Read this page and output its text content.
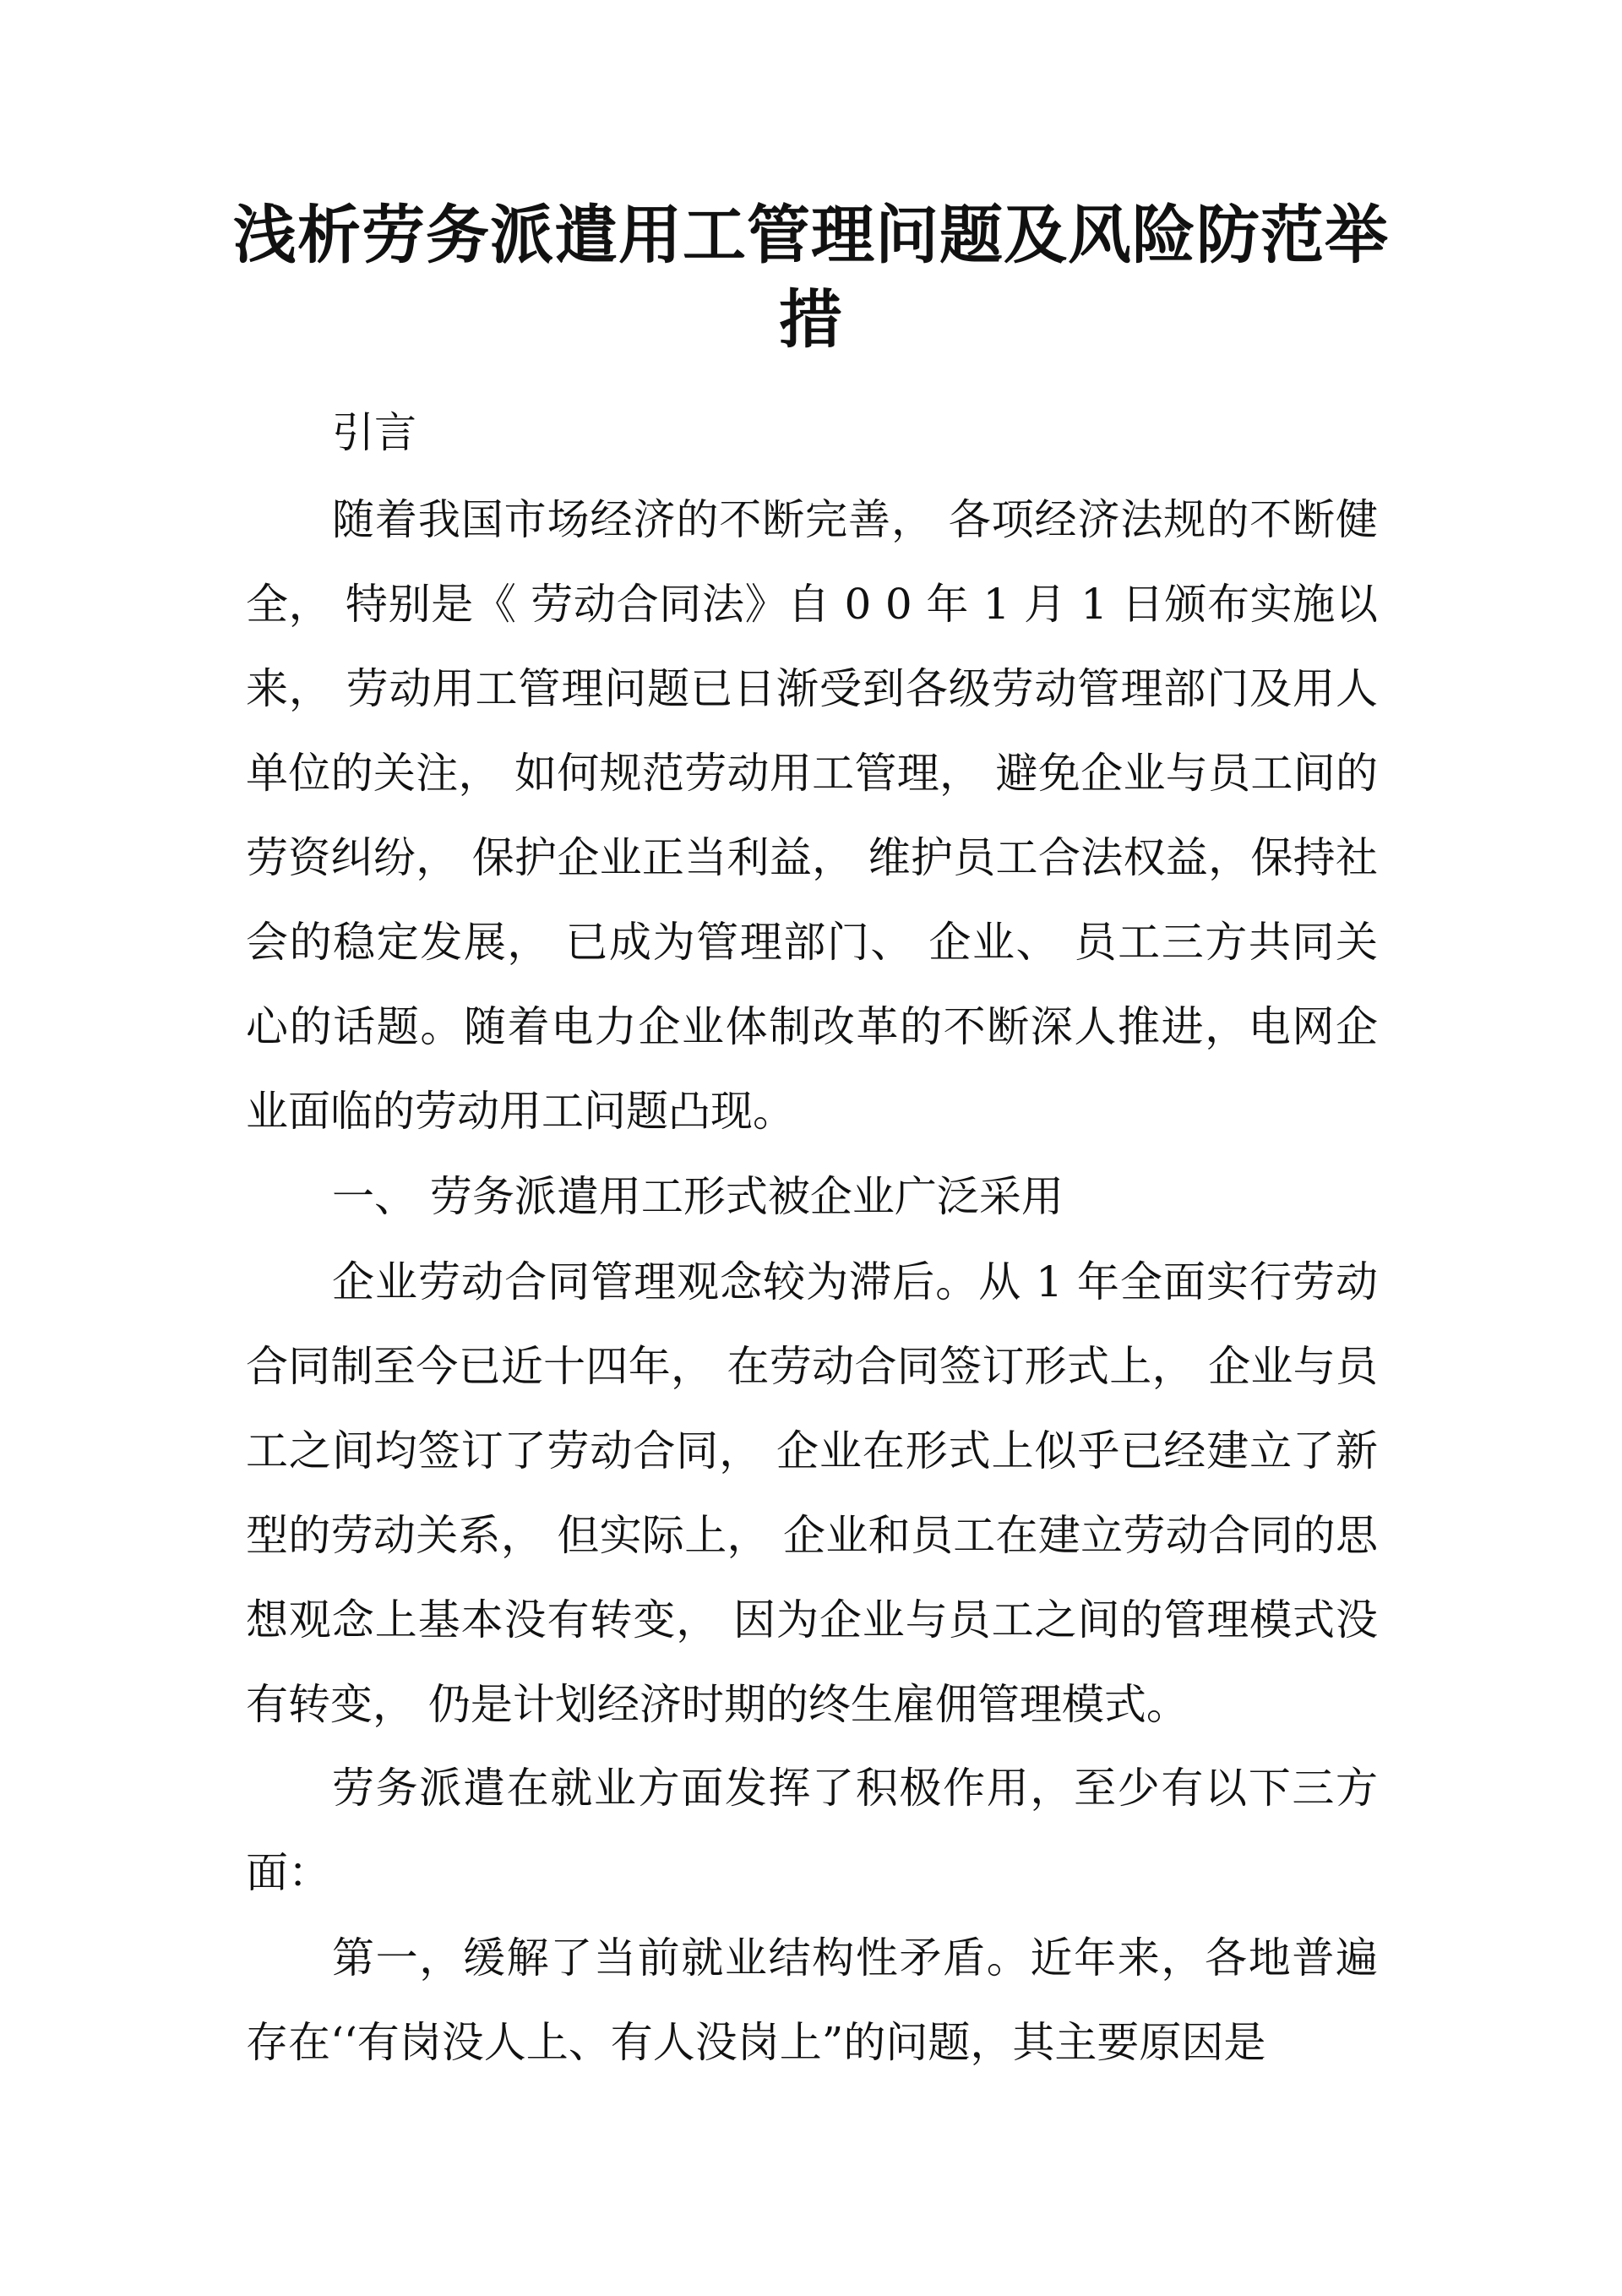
浅析劳务派遣用工管理问题及风险防范举措

引言

随着我国市场经济的不断完善， 各项经济法规的不断健全， 特别是《 劳动合同法》自 0 0 年 1 月 1 日颁布实施以来， 劳动用工管理问题已日渐受到各级劳动管理部门及用人单位的关注， 如何规范劳动用工管理， 避免企业与员工间的劳资纠纷， 保护企业正当利益， 维护员工合法权益，保持社会的稳定发展， 已成为管理部门、 企业、 员工三方共同关心的话题。随着电力企业体制改革的不断深人推进，电网企业面临的劳动用工问题凸现。

一、 劳务派遣用工形式被企业广泛采用

企业劳动合同管理观念较为滞后。从 1 年全面实行劳动合同制至今已近十四年， 在劳动合同签订形式上， 企业与员工之间均签订了劳动合同， 企业在形式上似乎已经建立了新型的劳动关系， 但实际上， 企业和员工在建立劳动合同的思想观念上基本没有转变， 因为企业与员工之间的管理模式没有转变， 仍是计划经济时期的终生雇佣管理模式。

劳务派遣在就业方面发挥了积极作用，至少有以下三方面：

第一，缓解了当前就业结构性矛盾。近年来，各地普遍存在‘‘有岗没人上、有人没岗上”的问题，其主要原因是
